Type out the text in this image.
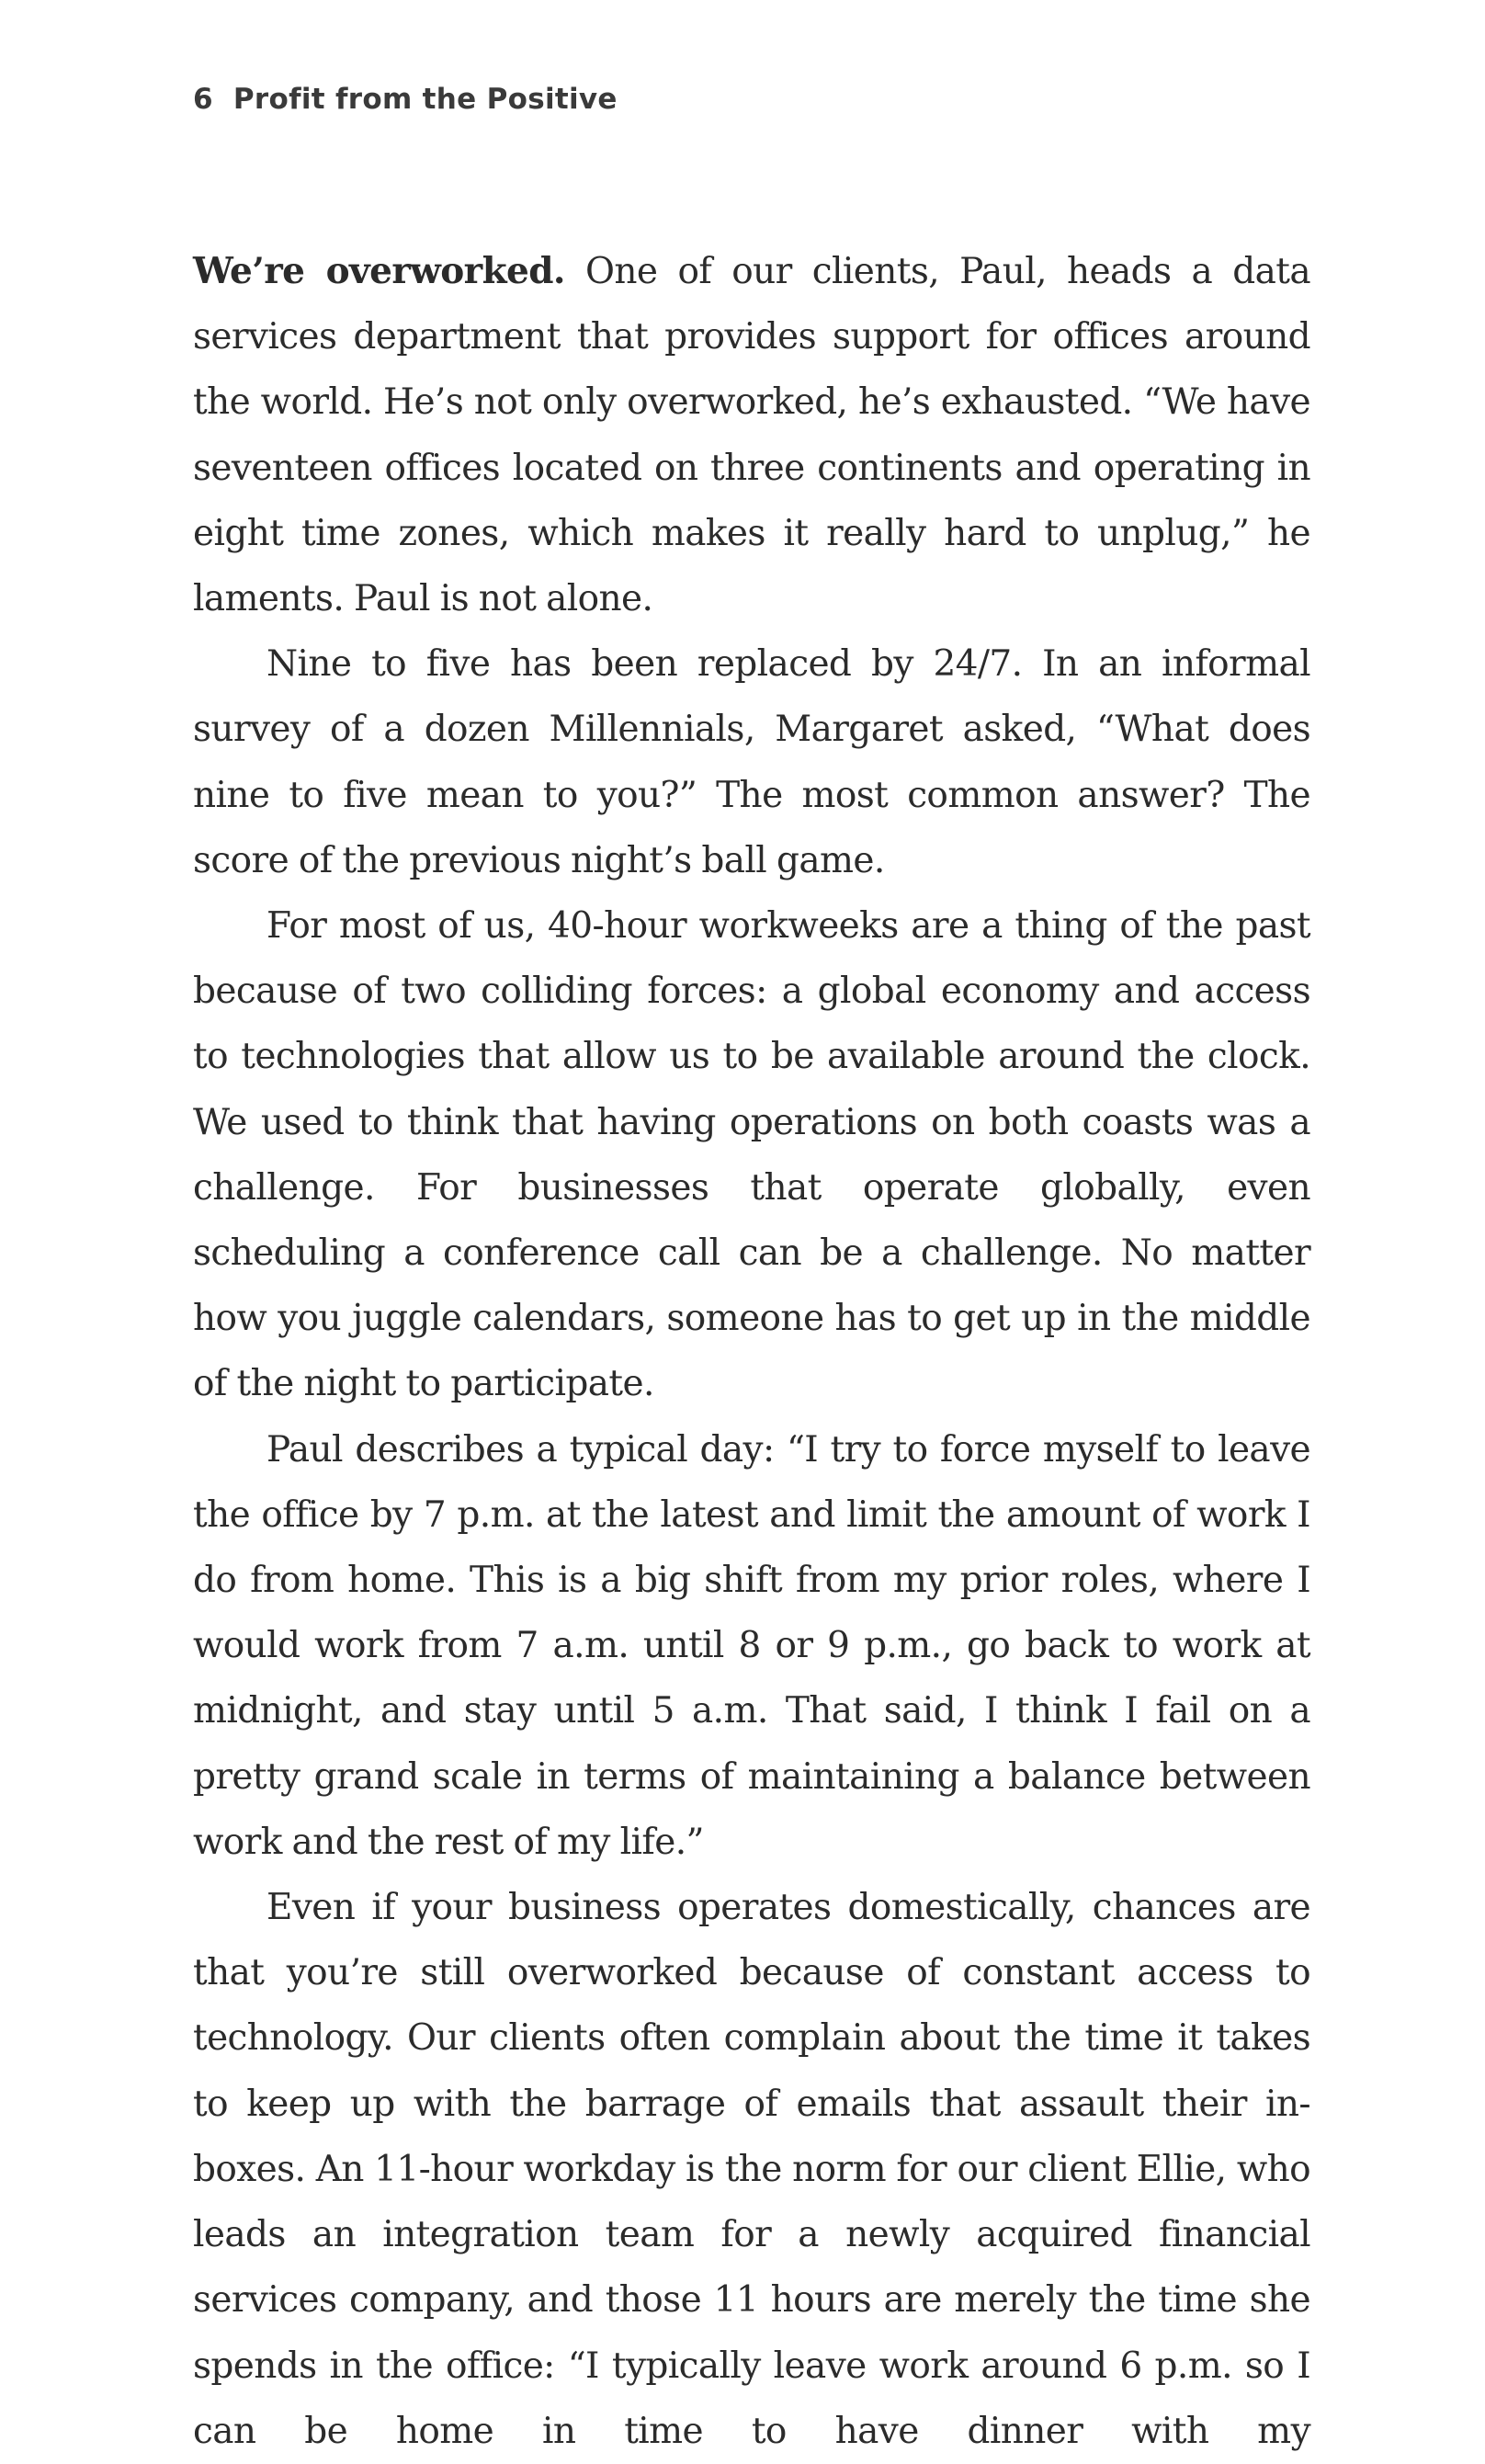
6 Profit from the Positive

We’re overworked. One of our clients, Paul, heads a data services department that provides support for offices around the world. He’s not only overworked, he’s exhausted. “We have seventeen offices located on three continents and operating in eight time zones, which makes it really hard to unplug,” he laments. Paul is not alone.

Nine to five has been replaced by 24/7. In an informal survey of a dozen Millennials, Margaret asked, “What does nine to five mean to you?” The most common answer? The score of the previous night’s ball game.

For most of us, 40-hour workweeks are a thing of the past because of two colliding forces: a global economy and access to technologies that allow us to be available around the clock. We used to think that having operations on both coasts was a challenge. For businesses that operate globally, even scheduling a conference call can be a challenge. No matter how you juggle calendars, someone has to get up in the middle of the night to participate.

Paul describes a typical day: “I try to force myself to leave the office by 7 p.m. at the latest and limit the amount of work I do from home. This is a big shift from my prior roles, where I would work from 7 a.m. until 8 or 9 p.m., go back to work at midnight, and stay until 5 a.m. That said, I think I fail on a pretty grand scale in terms of maintaining a balance between work and the rest of my life.”

Even if your business operates domestically, chances are that you’re still overworked because of constant access to technology. Our clients often complain about the time it takes to keep up with the barrage of emails that assault their in-boxes. An 11-hour workday is the norm for our client Ellie, who leads an integration team for a newly acquired financial services company, and those 11 hours are merely the time she spends in the office: “I typically leave work around 6 p.m. so I can be home in time to have dinner with my
